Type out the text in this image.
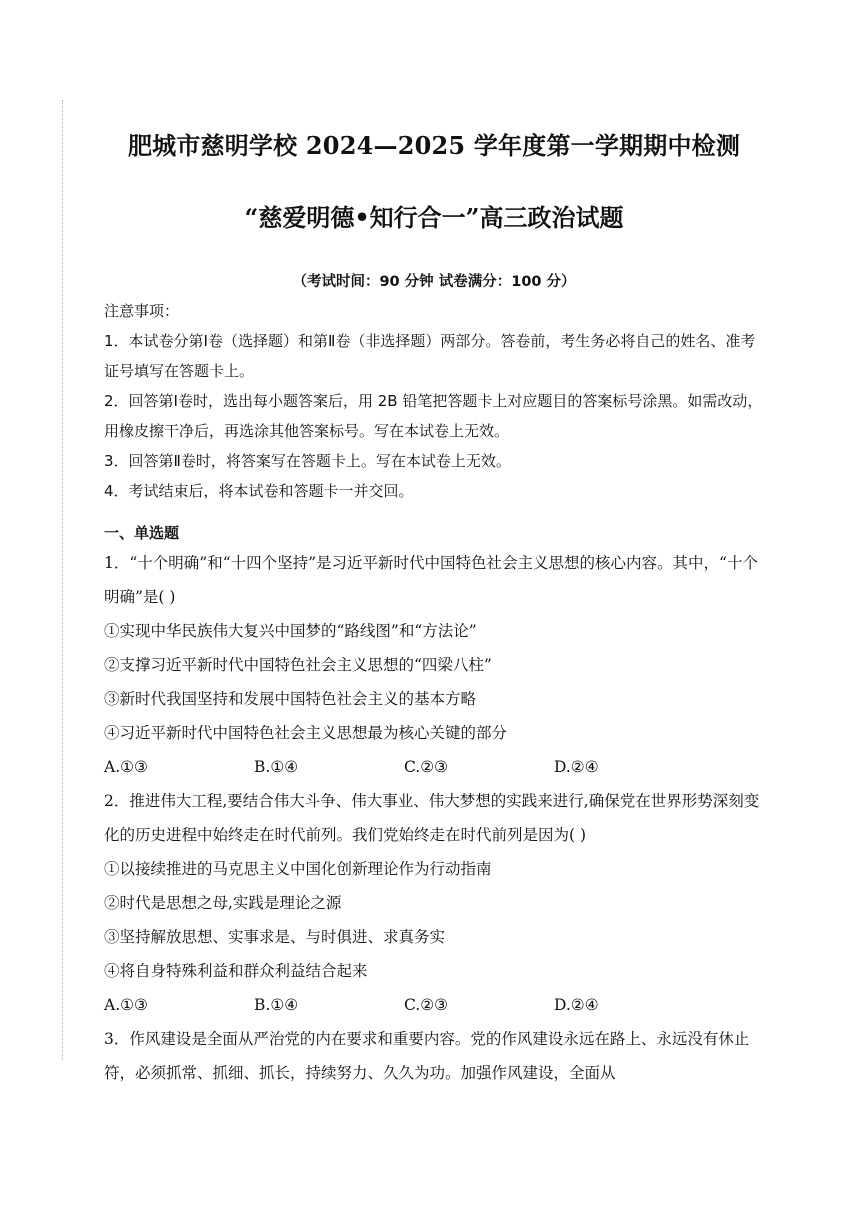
肥城市慈明学校 2024—2025 学年度第一学期期中检测
“慈爱明德•知行合一”高三政治试题
（考试时间：90 分钟 试卷满分：100 分）
注意事项：

1．本试卷分第Ⅰ卷（选择题）和第Ⅱ卷（非选择题）两部分。答卷前，考生务必将自己的姓名、准考证号填写在答题卡上。

2．回答第Ⅰ卷时，选出每小题答案后，用 2B 铅笔把答题卡上对应题目的答案标号涂黑。如需改动，用橡皮擦干净后，再选涂其他答案标号。写在本试卷上无效。

3．回答第Ⅱ卷时，将答案写在答题卡上。写在本试卷上无效。

4．考试结束后，将本试卷和答题卡一并交回。

一、单选题

1．“十个明确”和“十四个坚持”是习近平新时代中国特色社会主义思想的核心内容。其中，“十个明确”是( )

①实现中华民族伟大复兴中国梦的“路线图”和“方法论”

②支撑习近平新时代中国特色社会主义思想的“四梁八柱”

③新时代我国坚持和发展中国特色社会主义的基本方略

④习近平新时代中国特色社会主义思想最为核心关键的部分

A.①③	B.①④	C.②③	D.②④

2．推进伟大工程,要结合伟大斗争、伟大事业、伟大梦想的实践来进行,确保党在世界形势深刻变化的历史进程中始终走在时代前列。我们党始终走在时代前列是因为( )

①以接续推进的马克思主义中国化创新理论作为行动指南

②时代是思想之母,实践是理论之源

③坚持解放思想、实事求是、与时俱进、求真务实

④将自身特殊利益和群众利益结合起来

A.①③	B.①④	C.②③	D.②④

3．作风建设是全面从严治党的内在要求和重要内容。党的作风建设永远在路上、永远没有休止符，必须抓常、抓细、抓长，持续努力、久久为功。加强作风建设，全面从
